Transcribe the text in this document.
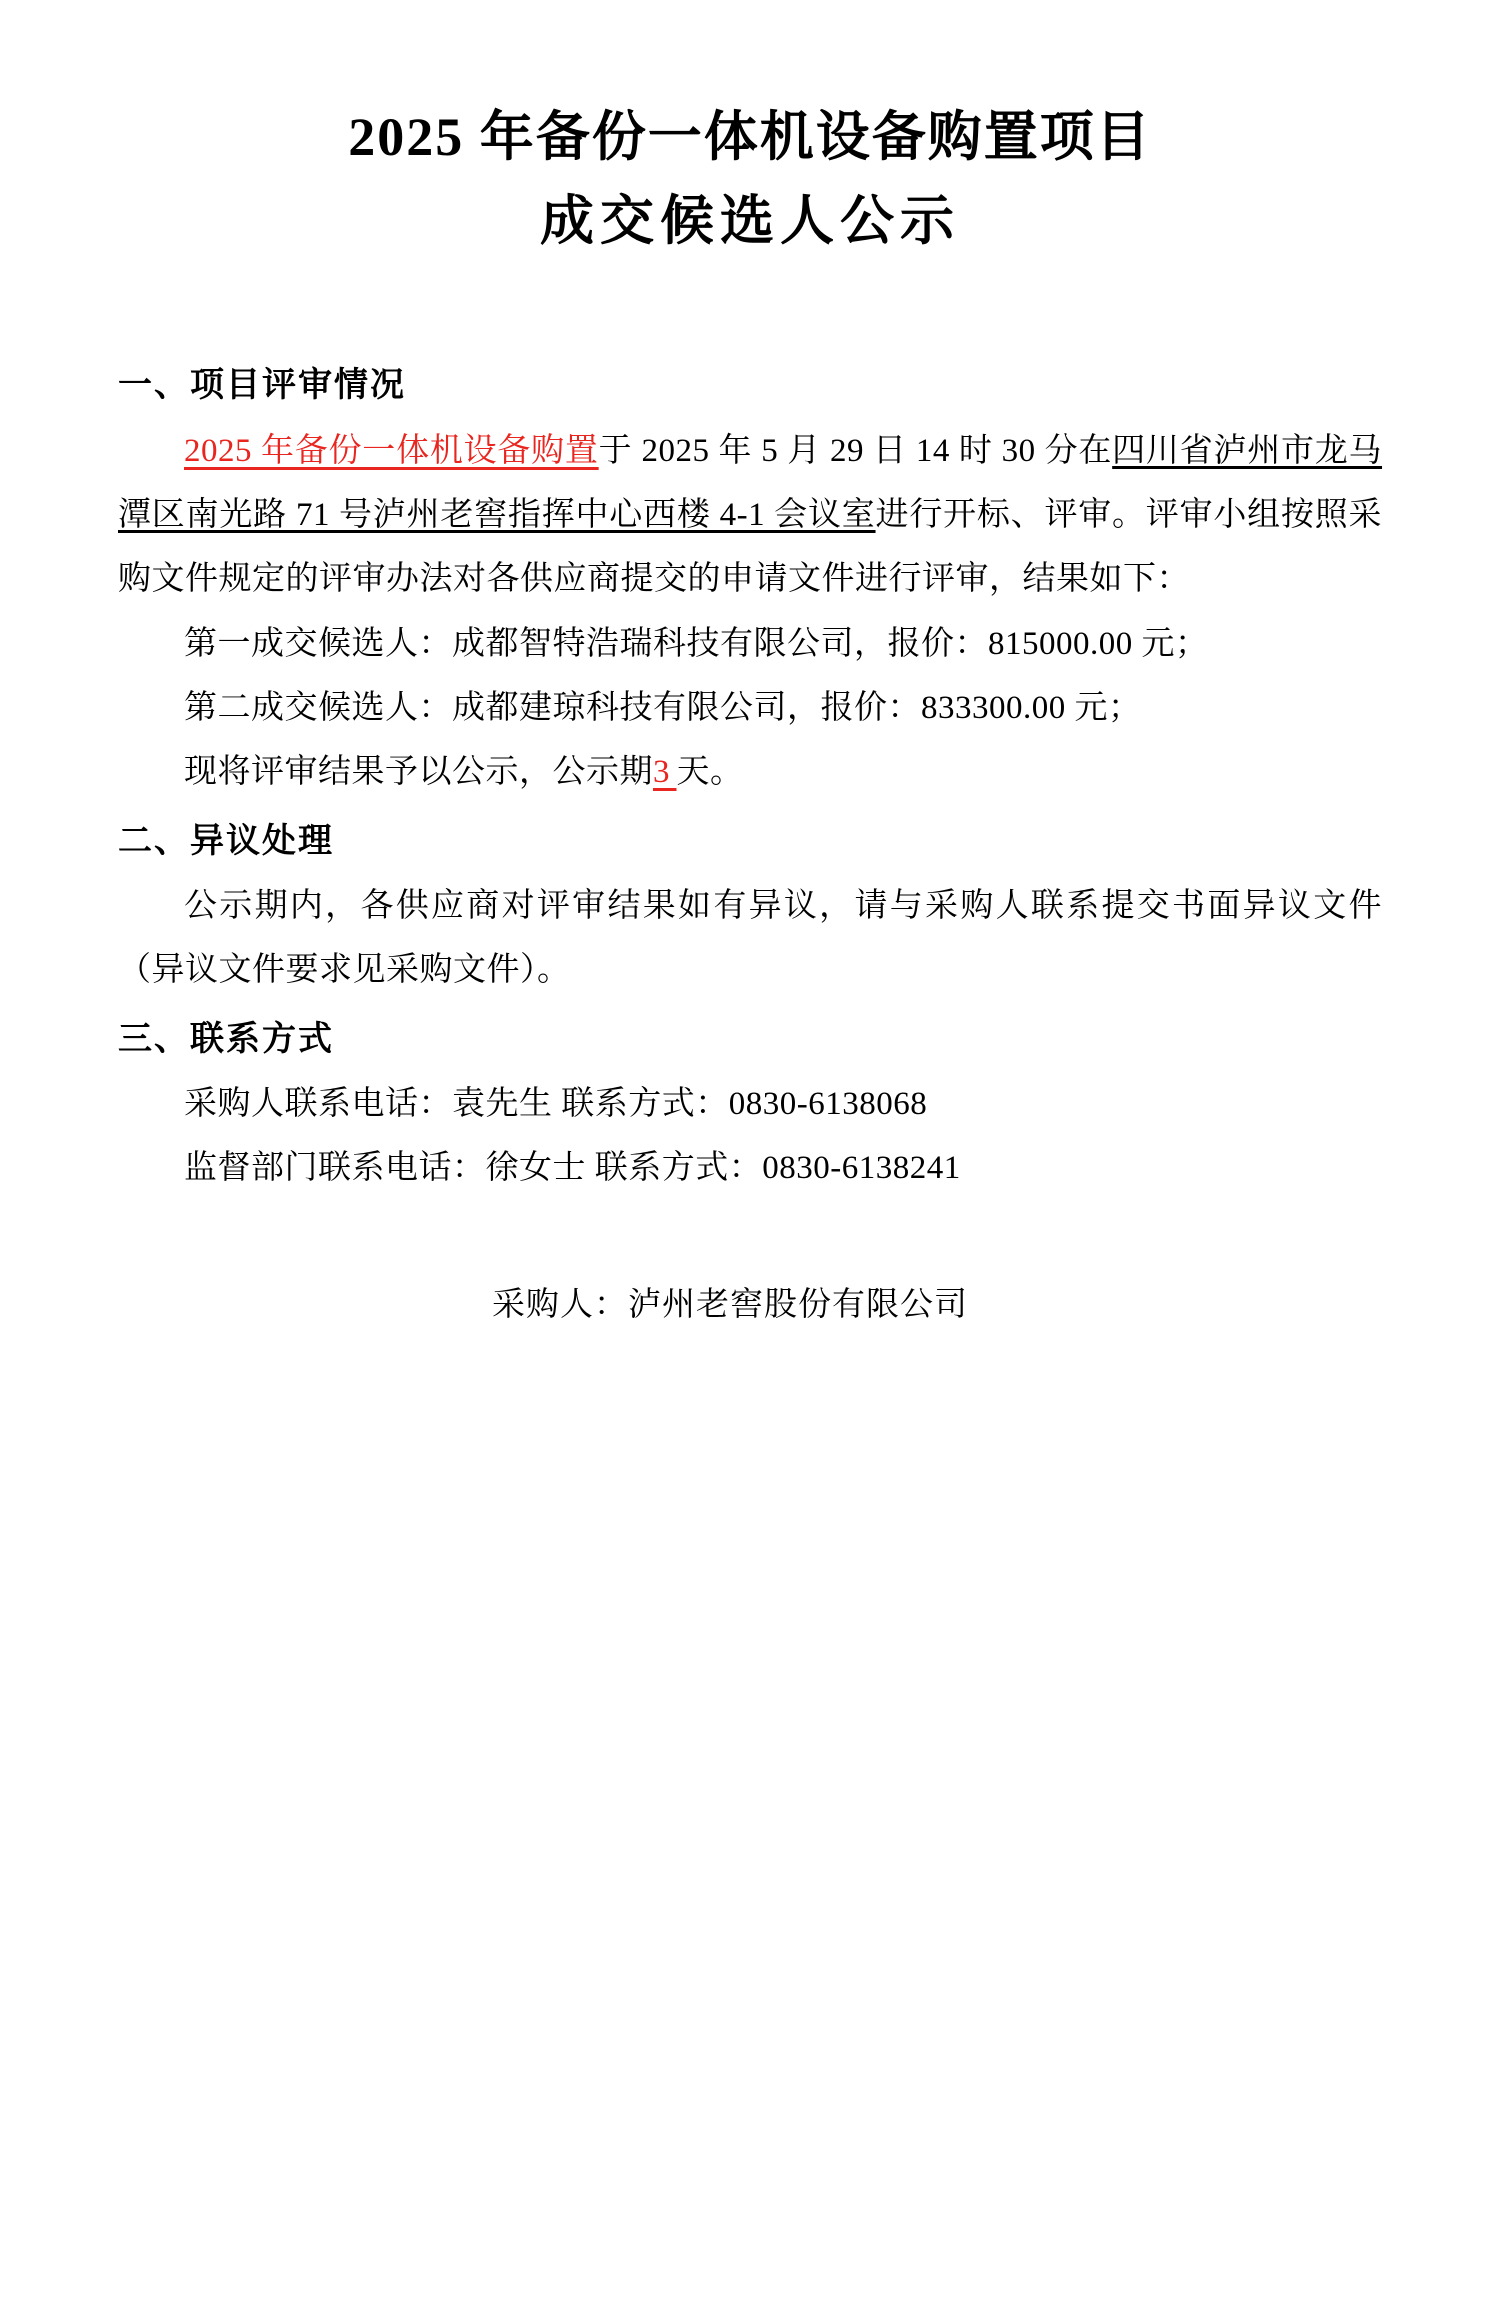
2025 年备份一体机设备购置项目
成交候选人公示
一、项目评审情况

2025 年备份一体机设备购置于 2025 年 5 月 29 日 14 时 30 分在四川省泸州市龙马潭区南光路 71 号泸州老窖指挥中心西楼 4-1 会议室进行开标、评审。评审小组按照采购文件规定的评审办法对各供应商提交的申请文件进行评审，结果如下：

第一成交候选人：成都智特浩瑞科技有限公司，报价：815000.00 元；

第二成交候选人：成都建琼科技有限公司，报价：833300.00 元；

现将评审结果予以公示，公示期3天。

二、异议处理

公示期内，各供应商对评审结果如有异议，请与采购人联系提交书面异议文件（异议文件要求见采购文件）。

三、联系方式

采购人联系电话：袁先生 联系方式：0830-6138068

监督部门联系电话：徐女士 联系方式：0830-6138241

采购人：泸州老窖股份有限公司
